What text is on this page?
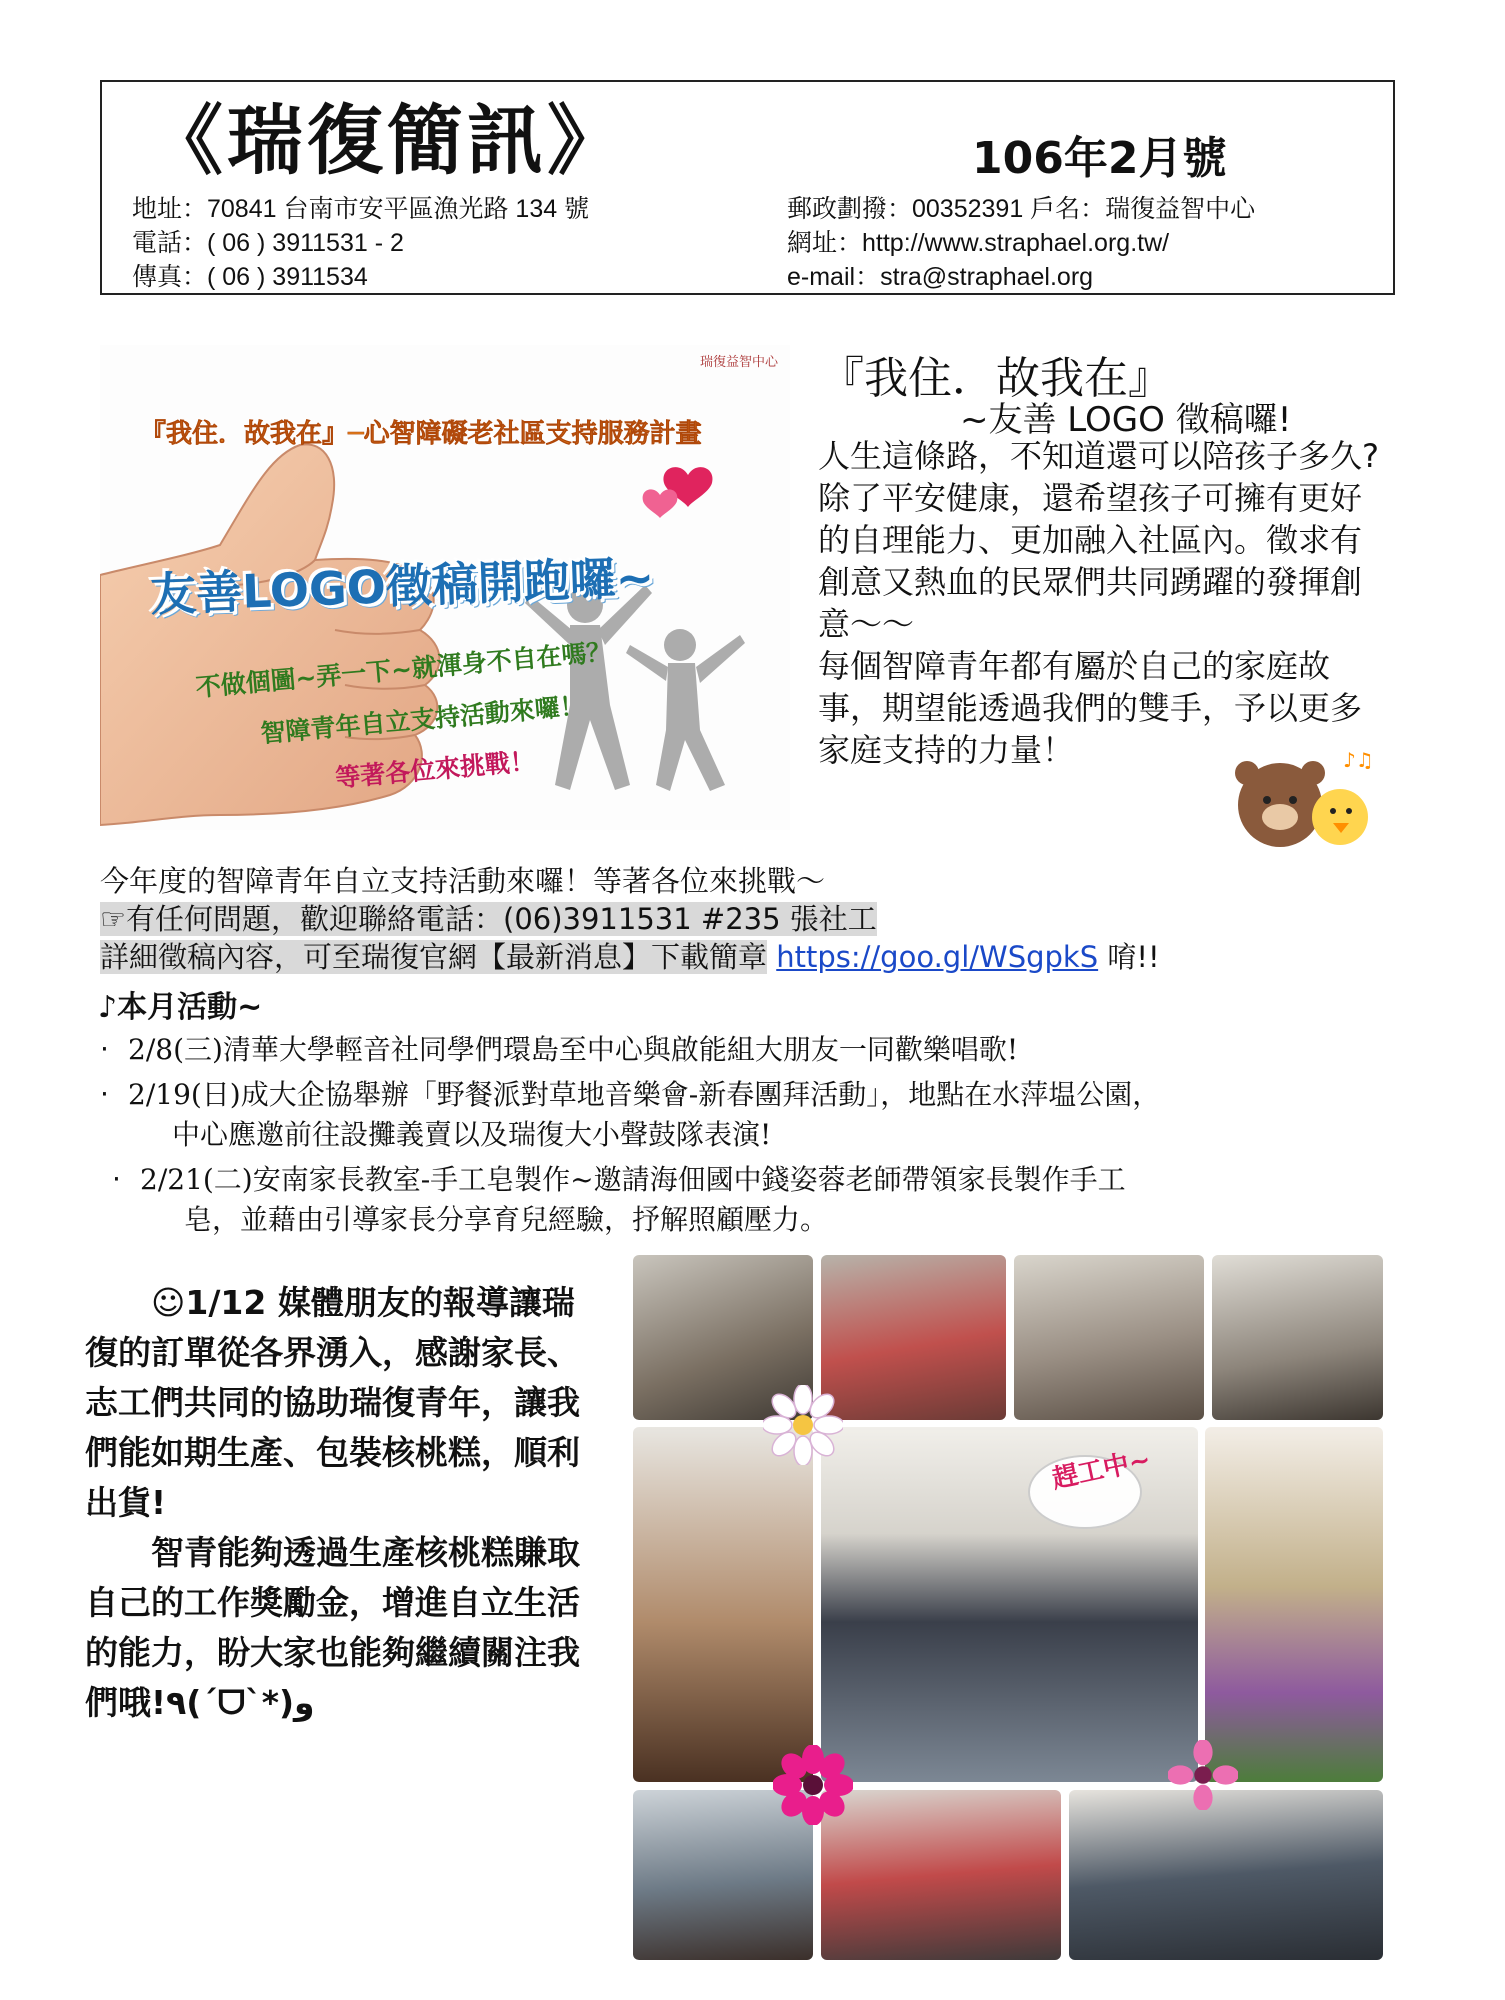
《瑞復簡訊》	106年2月號
地址：70841 台南市安平區漁光路 134 號
電話：( 06 ) 3911531 - 2
傳真：( 06 ) 3911534
郵政劃撥：00352391 戶名：瑞復益智中心
網址：http://www.straphael.org.tw/
e-mail：stra@straphael.org
瑞復益智中心
『我住．故我在』─心智障礙老社區支持服務計畫
友善LOGO徵稿開跑囉~
不做個圖~弄一下~就渾身不自在嗎？
智障青年自立支持活動來囉！
等著各位來挑戰！
『我住．故我在』
~友善 LOGO 徵稿囉!

人生這條路，不知道還可以陪孩子多久?除了平安健康，還希望孩子可擁有更好的自理能力、更加融入社區內。徵求有創意又熱血的民眾們共同踴躍的發揮創意～～

每個智障青年都有屬於自己的家庭故事，期望能透過我們的雙手，予以更多家庭支持的力量！	♪♫
今年度的智障青年自立支持活動來囉！等著各位來挑戰～
☞有任何問題，歡迎聯絡電話：(06)3911531 #235 張社工
詳細徵稿內容，可至瑞復官網【最新消息】下載簡章 https://goo.gl/WSgpkS 唷!!
♪本月活動~
‧ 2/8(三)清華大學輕音社同學們環島至中心與啟能組大朋友一同歡樂唱歌!
‧ 2/19(日)成大企協舉辦「野餐派對草地音樂會-新春團拜活動」，地點在水萍塭公園，
中心應邀前往設攤義賣以及瑞復大小聲鼓隊表演!
‧ 2/21(二)安南家長教室-手工皂製作~邀請海佃國中錢姿蓉老師帶領家長製作手工
皂，並藉由引導家長分享育兒經驗，抒解照顧壓力。

☺1/12 媒體朋友的報導讓瑞復的訂單從各界湧入，感謝家長、志工們共同的協助瑞復青年，讓我們能如期生產、包裝核桃糕，順利出貨!

智青能夠透過生產核桃糕賺取自己的工作獎勵金，增進自立生活的能力，盼大家也能夠繼續關注我們哦!٩(ˊᗜˋ*)و

趕工中~
